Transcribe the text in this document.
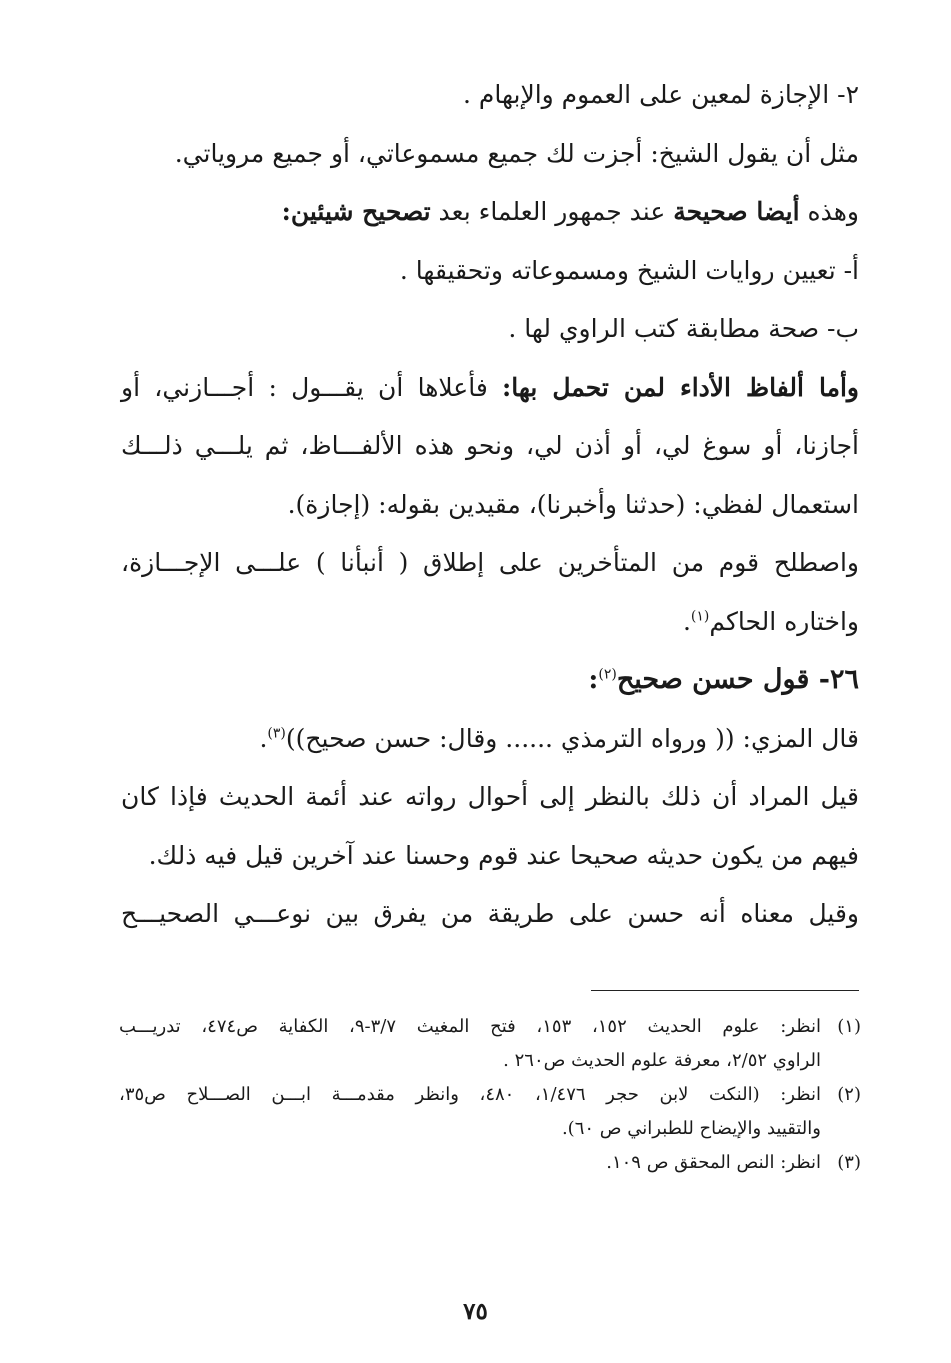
٢- الإجازة لمعين على العموم والإبهام .
مثل أن يقول الشيخ: أجزت لك جميع مسموعاتي، أو جميع مروياتي.
وهذه أيضا صحيحة عند جمهور العلماء بعد تصحيح شيئين:
أ- تعيين روايات الشيخ ومسموعاته وتحقيقها .
ب- صحة مطابقة كتب الراوي لها .
وأما ألفاظ الأداء لمن تحمل بها: فأعلاها أن يقـــول : أجـــازني، أو
أجازنا، أو سوغ لي، أو أذن لي، ونحو هذه الألفـــاظ، ثم يلـــي ذلـــك
استعمال لفظي: (حدثنا وأخبرنا)، مقيدين بقوله: (إجازة).
واصطلح قوم من المتأخرين على إطلاق ( أنبأنا ) علـــى الإجـــازة،
واختاره الحاكم$^{(١)}$.
٢٦- قول حسن صحيح$^{(٢)}$:
قال المزي: (( ورواه الترمذي ...... وقال: حسن صحيح))$^{(٣)}$.
قيل المراد أن ذلك بالنظر إلى أحوال رواته عند أئمة الحديث فإذا كان
فيهم من يكون حديثه صحيحا عند قوم وحسنا عند آخرين قيل فيه ذلك.
وقيل معناه أنه حسن على طريقة من يفرق بين نوعـــي الصحيـــح
(١)
انظر: علوم الحديث ١٥٢، ١٥٣، فتح المغيث ٣/٧-٩، الكفاية ص٤٧٤، تدريـــب
الراوي ٢/٥٢، معرفة علوم الحديث ص٢٦٠ .
(٢)
انظر: (النكت لابن حجر ١/٤٧٦، ٤٨٠، وانظر مقدمـــة ابـــن الصـــلاح ص٣٥،
والتقييد والإيضاح للطبراني ص ٦٠).
(٣)
انظر: النص المحقق ص ١٠٩.
٧٥
